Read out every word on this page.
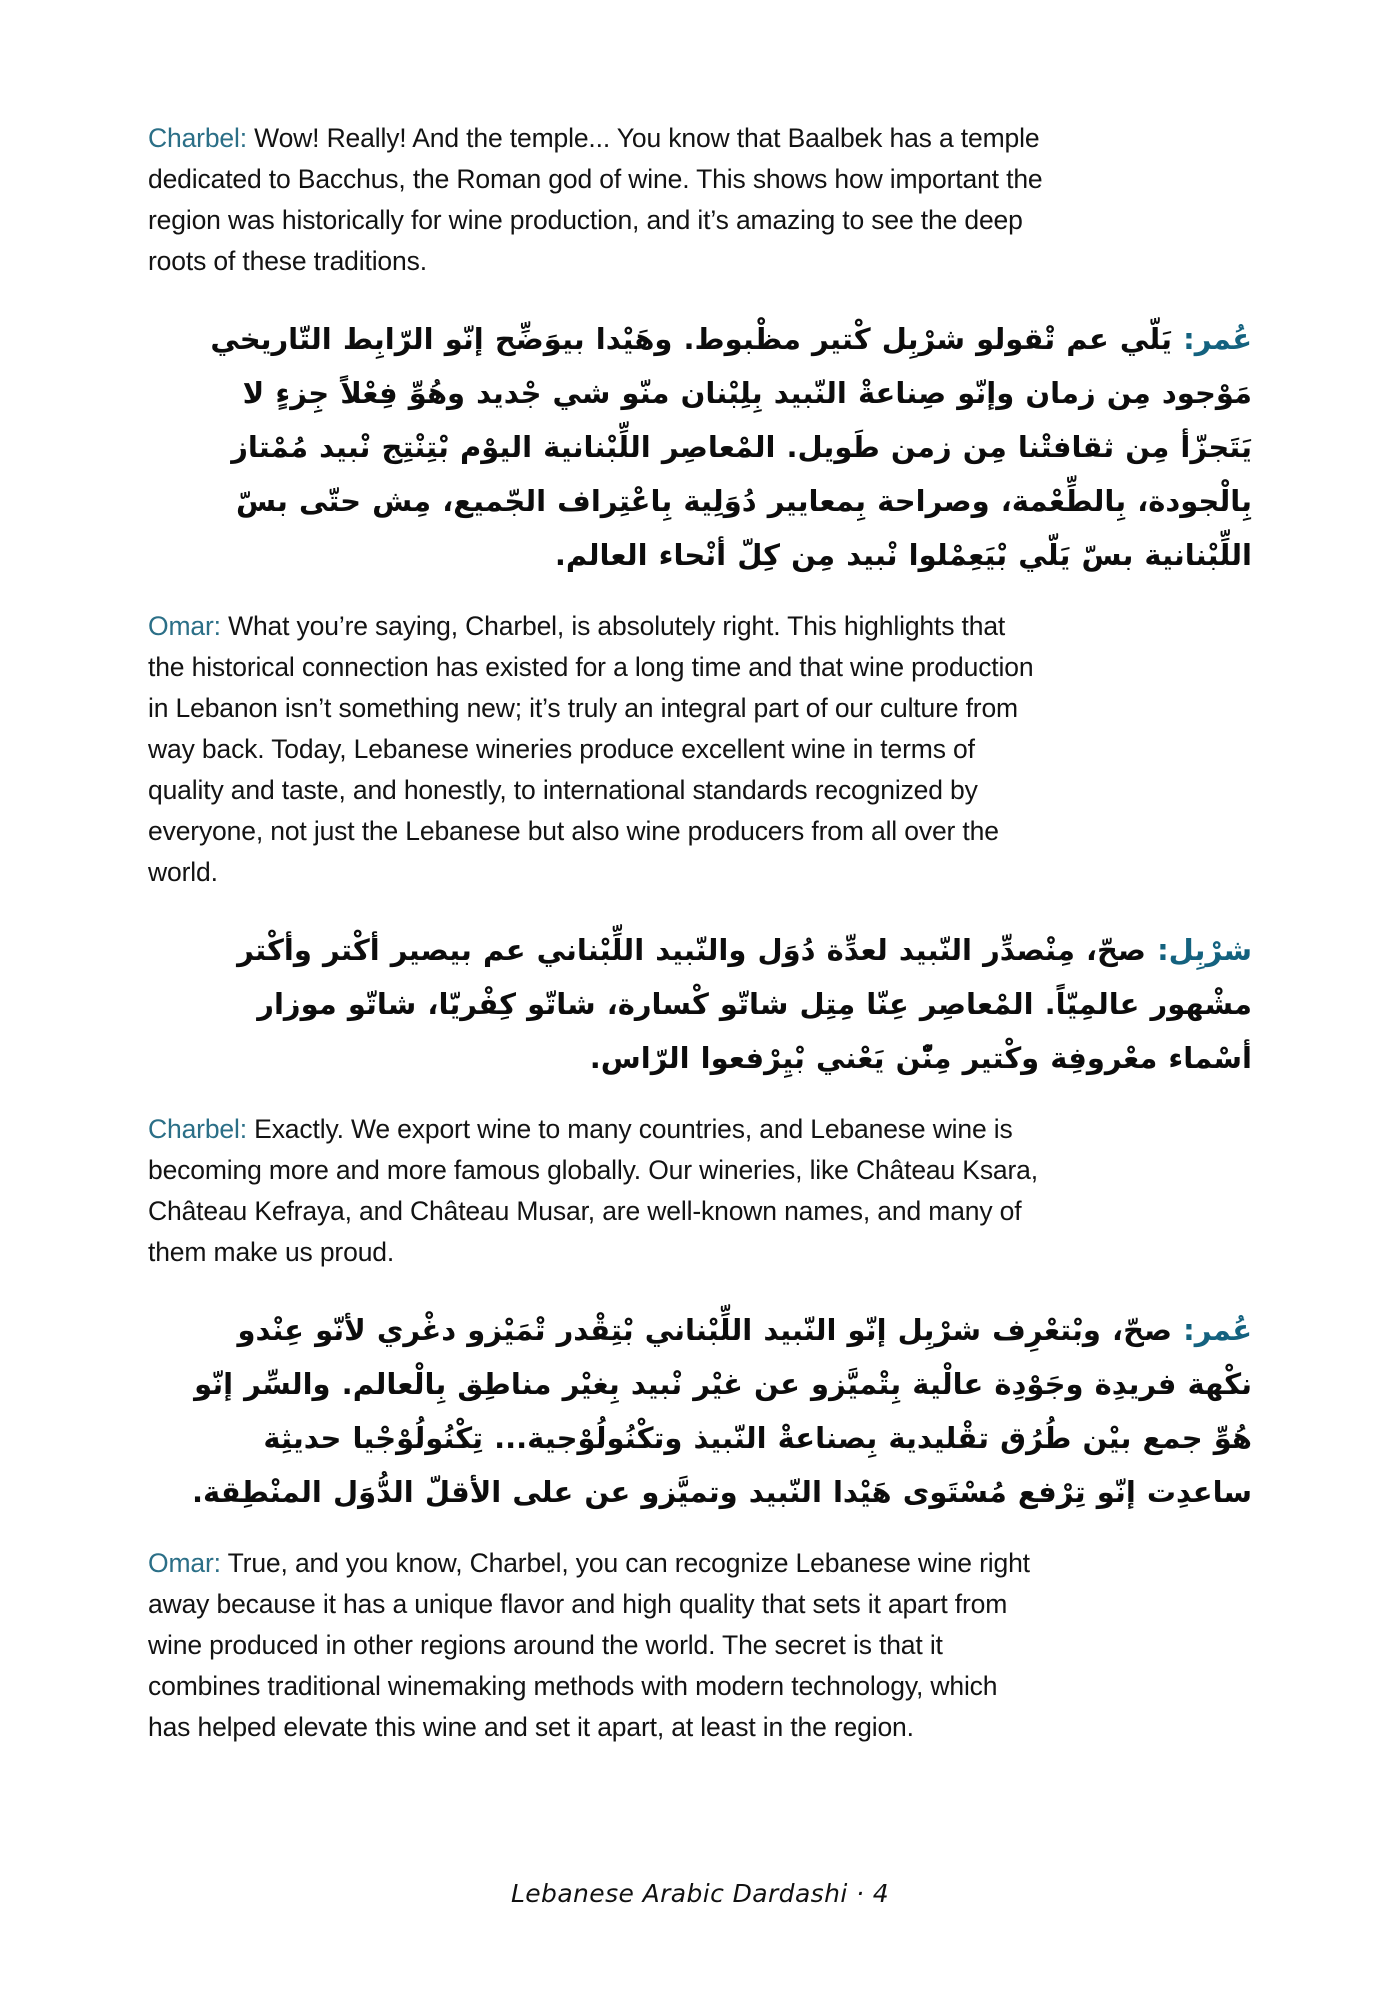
Charbel: Wow! Really! And the temple... You know that Baalbek has a temple dedicated to Bacchus, the Roman god of wine. This shows how important the region was historically for wine production, and it’s amazing to see the deep roots of these traditions.

عمر: يلي عم تقولو شربل كتير مظبوط. وهيدا بيوضح إنو الرابط التاريخي موجود من زمان وإنو صناعة النبيد بلبنان منو شي جديد وهو فعلا جزء لا يتجزأ من ثقافتنا من زمن طويل. المعاصر اللبنانية اليوم بتنتج نبيد ممتاز بالجودة، بالطعمة، وصراحة بمعايير دولية باعتراف الجميع، مش حتى بس اللبنانية بس يلي بيعملوا نبيد من كل أنحاء العالم.

Omar: What you’re saying, Charbel, is absolutely right. This highlights that the historical connection has existed for a long time and that wine production in Lebanon isn’t something new; it’s truly an integral part of our culture from way back. Today, Lebanese wineries produce excellent wine in terms of quality and taste, and honestly, to international standards recognized by everyone, not just the Lebanese but also wine producers from all over the world.

شربل: صح، منصدر النبيد لعدة دول والنبيد اللبناني عم بيصير أكتر وأكتر مشهور عالميا. المعاصر عنا متل شاتو كسارة، شاتو كفريا، شاتو موزار أسماء معروفة وكتير منن يعني بيرفعوا الراس.

Charbel: Exactly. We export wine to many countries, and Lebanese wine is becoming more and more famous globally. Our wineries, like Château Ksara, Château Kefraya, and Château Musar, are well-known names, and many of them make us proud.

عمر: صح، وبتعرف شربل إنو النبيد اللبناني بتقدر تميزو دغري لأنو عندو نكهة فريدة وجودة عالية بتميزو عن غير نبيد بغير مناطق بالعالم. والسر إنو هو جمع بين طرق تقليدية بصناعة النبيذ وتكنولوجية... تكنولوجيا حديثة ساعدت إنو ترفع مستوى هيدا النبيد وتميزو عن على الأقل الدول المنطقة.

Omar: True, and you know, Charbel, you can recognize Lebanese wine right away because it has a unique flavor and high quality that sets it apart from wine produced in other regions around the world. The secret is that it combines traditional winemaking methods with modern technology, which has helped elevate this wine and set it apart, at least in the region.

Lebanese Arabic Dardashi · 4
